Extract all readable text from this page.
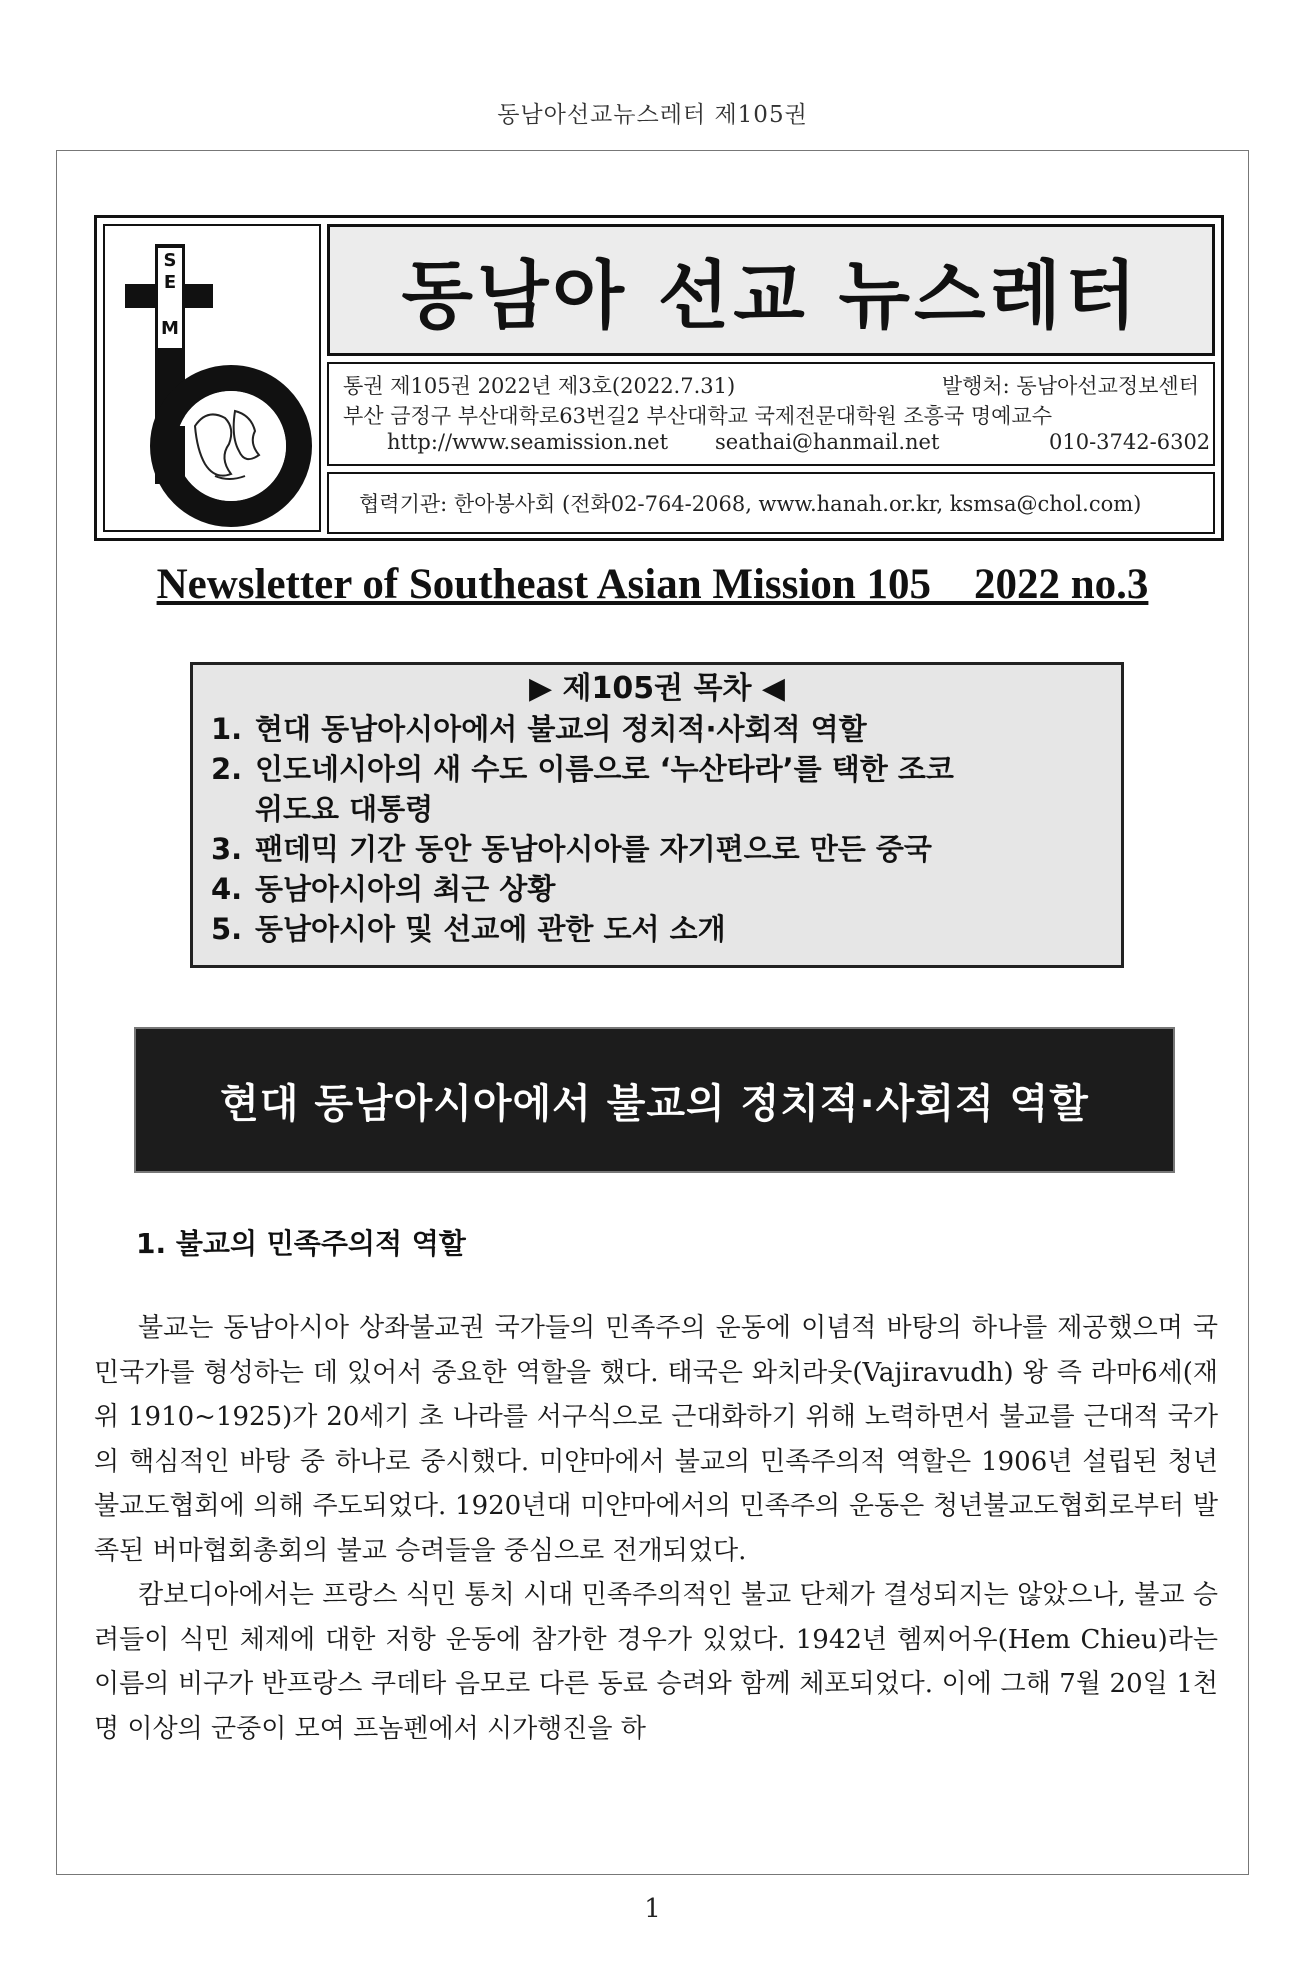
동남아선교뉴스레터 제105권
S
E
A
M	동남아 선교 뉴스레터
통권 제105권 2022년 제3호(2022.7.31)	발행처: 동남아선교정보센터
부산 금정구 부산대학로63번길2 부산대학교 국제전문대학원 조흥국 명예교수
http://www.seamission.net seathai@hanmail.net	010-3742-6302
협력기관: 한아봉사회 (전화02-764-2068, www.hanah.or.kr, ksmsa@chol.com)
Newsletter of Southeast Asian Mission 105    2022 no.3
▶ 제105권 목차 ◀
1. 현대 동남아시아에서 불교의 정치적·사회적 역할
2. 인도네시아의 새 수도 이름으로 ‘누산타라’를 택한 조코
위도요 대통령
3. 팬데믹 기간 동안 동남아시아를 자기편으로 만든 중국
4. 동남아시아의 최근 상황
5. 동남아시아 및 선교에 관한 도서 소개
현대 동남아시아에서 불교의 정치적·사회적 역할
1. 불교의 민족주의적 역할

불교는 동남아시아 상좌불교권 국가들의 민족주의 운동에 이념적 바탕의 하나를 제공했으며 국민국가를 형성하는 데 있어서 중요한 역할을 했다. 태국은 와치라웃(Vajiravudh) 왕 즉 라마6세(재위 1910~1925)가 20세기 초 나라를 서구식으로 근대화하기 위해 노력하면서 불교를 근대적 국가의 핵심적인 바탕 중 하나로 중시했다. 미얀마에서 불교의 민족주의적 역할은 1906년 설립된 청년불교도협회에 의해 주도되었다. 1920년대 미얀마에서의 민족주의 운동은 청년불교도협회로부터 발족된 버마협회총회의 불교 승려들을 중심으로 전개되었다.

캄보디아에서는 프랑스 식민 통치 시대 민족주의적인 불교 단체가 결성되지는 않았으나, 불교 승려들이 식민 체제에 대한 저항 운동에 참가한 경우가 있었다. 1942년 헴찌어우(Hem Chieu)라는 이름의 비구가 반프랑스 쿠데타 음모로 다른 동료 승려와 함께 체포되었다. 이에 그해 7월 20일 1천 명 이상의 군중이 모여 프놈펜에서 시가행진을 하

1
